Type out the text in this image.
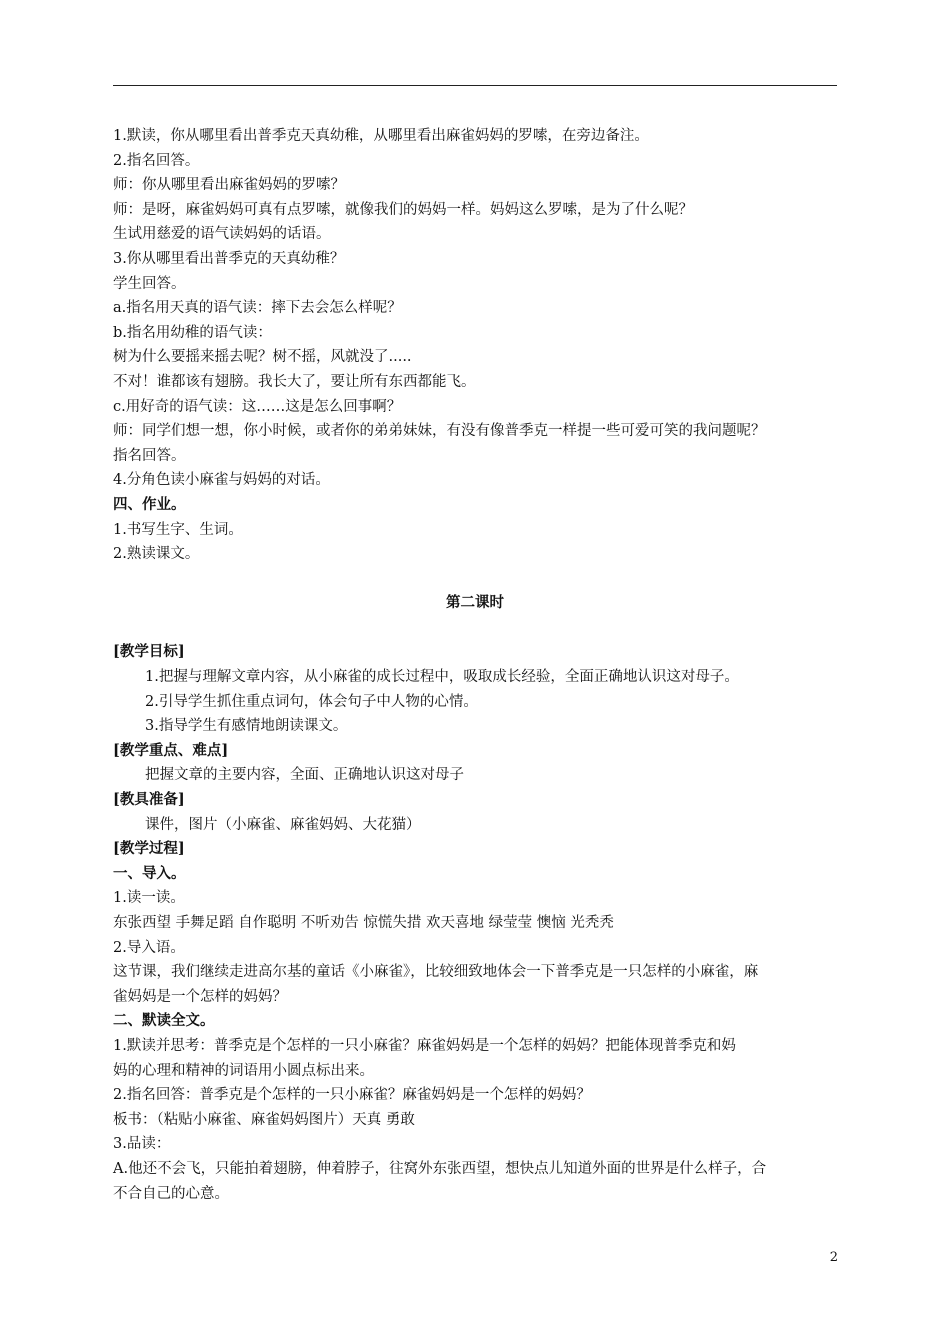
1.默读，你从哪里看出普季克天真幼稚，从哪里看出麻雀妈妈的罗嗦，在旁边备注。
2.指名回答。
师：你从哪里看出麻雀妈妈的罗嗦？
师：是呀，麻雀妈妈可真有点罗嗦，就像我们的妈妈一样。妈妈这么罗嗦，是为了什么呢？
生试用慈爱的语气读妈妈的话语。
3.你从哪里看出普季克的天真幼稚？
学生回答。
a.指名用天真的语气读：摔下去会怎么样呢？
b.指名用幼稚的语气读：
树为什么要摇来摇去呢？树不摇，风就没了.....
不对！谁都该有翅膀。我长大了，要让所有东西都能飞。
c.用好奇的语气读：这……这是怎么回事啊？
师：同学们想一想，你小时候，或者你的弟弟妹妹，有没有像普季克一样提一些可爱可笑的我问题呢？
指名回答。
4.分角色读小麻雀与妈妈的对话。
四、作业。
1.书写生字、生词。
2.熟读课文。
第二课时
[教学目标]
1.把握与理解文章内容，从小麻雀的成长过程中，吸取成长经验，全面正确地认识这对母子。
2.引导学生抓住重点词句，体会句子中人物的心情。
3.指导学生有感情地朗读课文。
[教学重点、难点]
把握文章的主要内容，全面、正确地认识这对母子
[教具准备]
课件，图片（小麻雀、麻雀妈妈、大花猫）
[教学过程]
一、导入。
1.读一读。
东张西望 手舞足蹈 自作聪明 不听劝告 惊慌失措 欢天喜地 绿莹莹 懊恼 光秃秃
2.导入语。
这节课，我们继续走进高尔基的童话《小麻雀》，比较细致地体会一下普季克是一只怎样的小麻雀，麻
雀妈妈是一个怎样的妈妈？
二、默读全文。
1.默读并思考：普季克是个怎样的一只小麻雀？麻雀妈妈是一个怎样的妈妈？把能体现普季克和妈
妈的心理和精神的词语用小圆点标出来。
2.指名回答：普季克是个怎样的一只小麻雀？麻雀妈妈是一个怎样的妈妈？
板书：（粘贴小麻雀、麻雀妈妈图片）天真 勇敢
3.品读：
A.他还不会飞，只能拍着翅膀，伸着脖子，往窝外东张西望，想快点儿知道外面的世界是什么样子，合
不合自己的心意。
2
